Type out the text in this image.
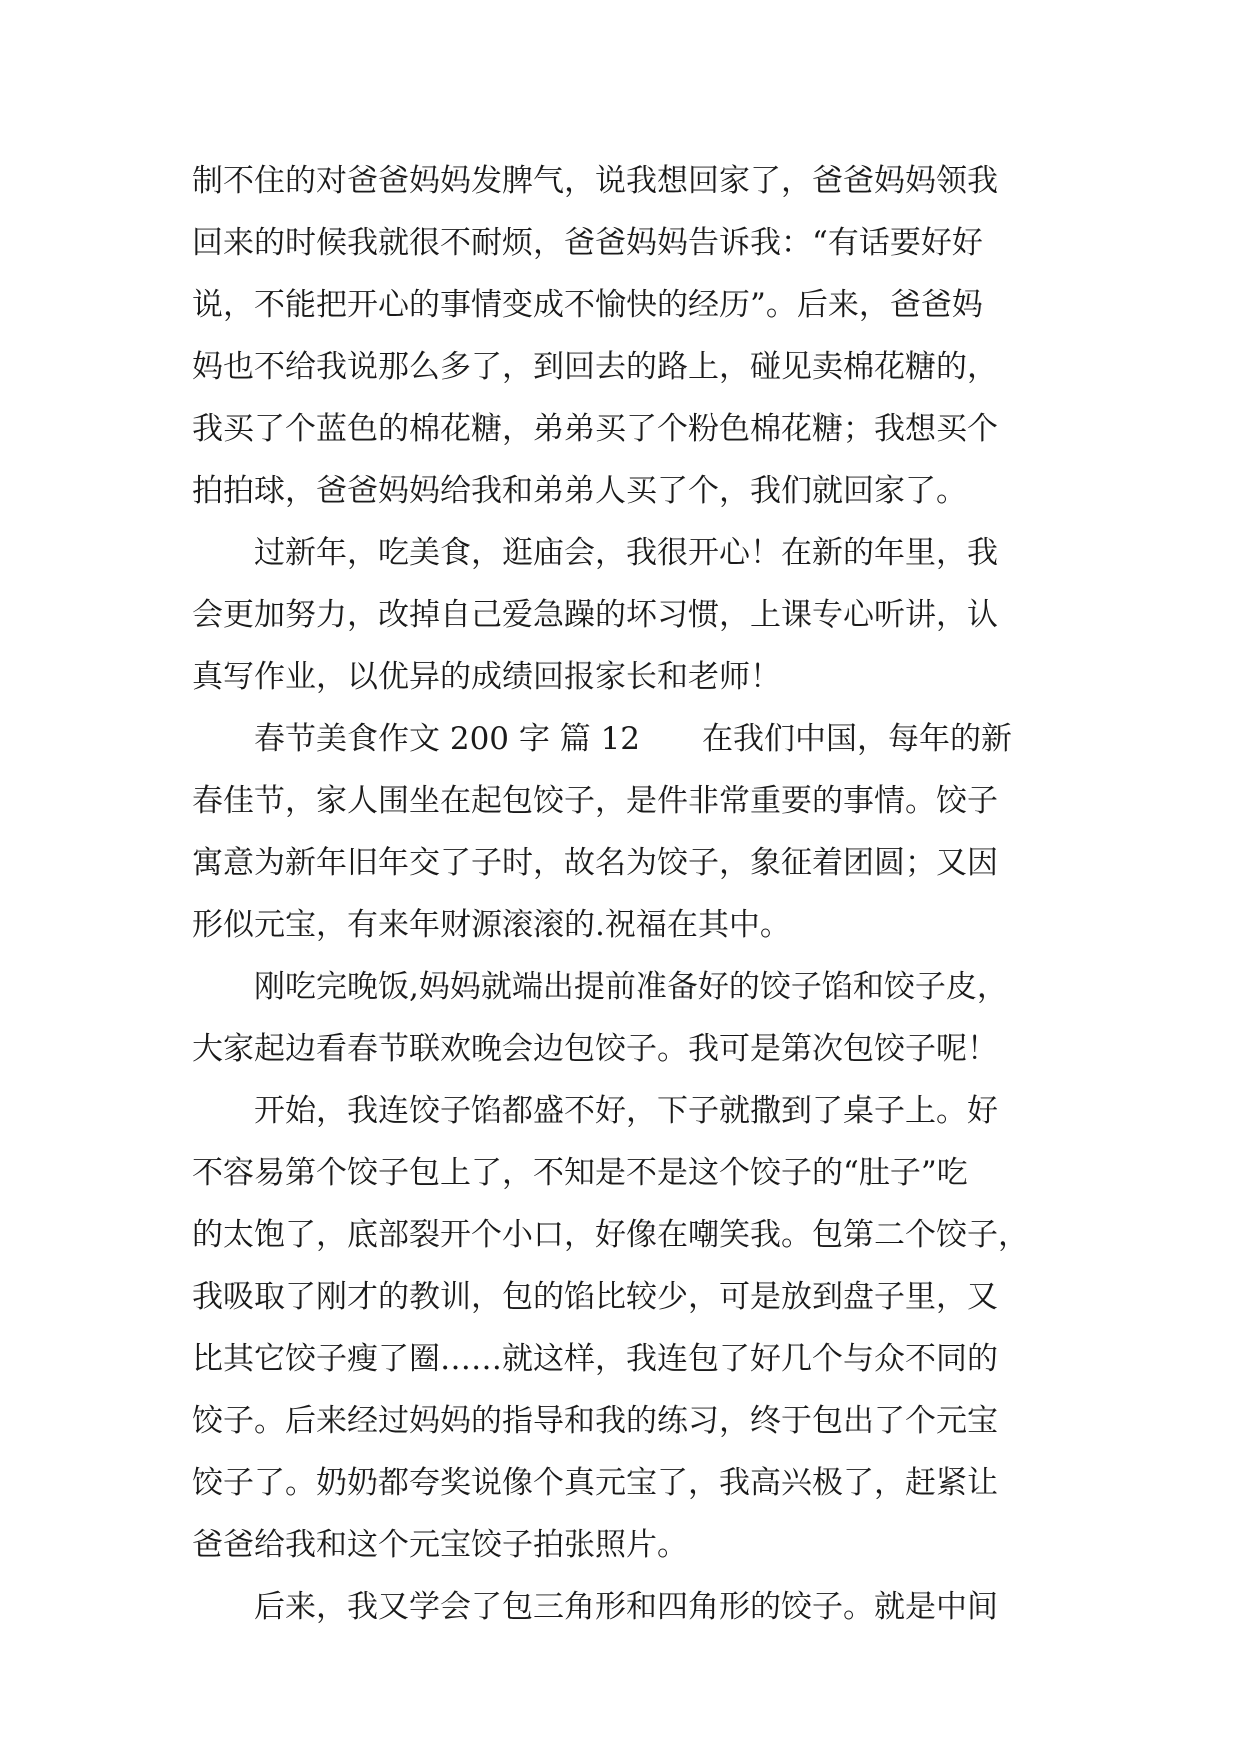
制不住的对爸爸妈妈发脾气，说我想回家了，爸爸妈妈领我
回来的时候我就很不耐烦，爸爸妈妈告诉我：“有话要好好
说，不能把开心的事情变成不愉快的经历”。后来，爸爸妈
妈也不给我说那么多了，到回去的路上，碰见卖棉花糖的，
我买了个蓝色的棉花糖，弟弟买了个粉色棉花糖；我想买个
拍拍球，爸爸妈妈给我和弟弟人买了个，我们就回家了。
过新年，吃美食，逛庙会，我很开心！在新的年里，我
会更加努力，改掉自己爱急躁的坏习惯，上课专心听讲，认
真写作业，以优异的成绩回报家长和老师！
春节美食作文 200 字 篇 12　　在我们中国，每年的新
春佳节，家人围坐在起包饺子，是件非常重要的事情。饺子
寓意为新年旧年交了子时，故名为饺子，象征着团圆；又因
形似元宝，有来年财源滚滚的.祝福在其中。
刚吃完晚饭,妈妈就端出提前准备好的饺子馅和饺子皮，
大家起边看春节联欢晚会边包饺子。我可是第次包饺子呢！
开始，我连饺子馅都盛不好，下子就撒到了桌子上。好
不容易第个饺子包上了，不知是不是这个饺子的“肚子”吃
的太饱了，底部裂开个小口，好像在嘲笑我。包第二个饺子，
我吸取了刚才的教训，包的馅比较少，可是放到盘子里，又
比其它饺子瘦了圈……就这样，我连包了好几个与众不同的
饺子。后来经过妈妈的指导和我的练习，终于包出了个元宝
饺子了。奶奶都夸奖说像个真元宝了，我高兴极了，赶紧让
爸爸给我和这个元宝饺子拍张照片。
后来，我又学会了包三角形和四角形的饺子。就是中间
